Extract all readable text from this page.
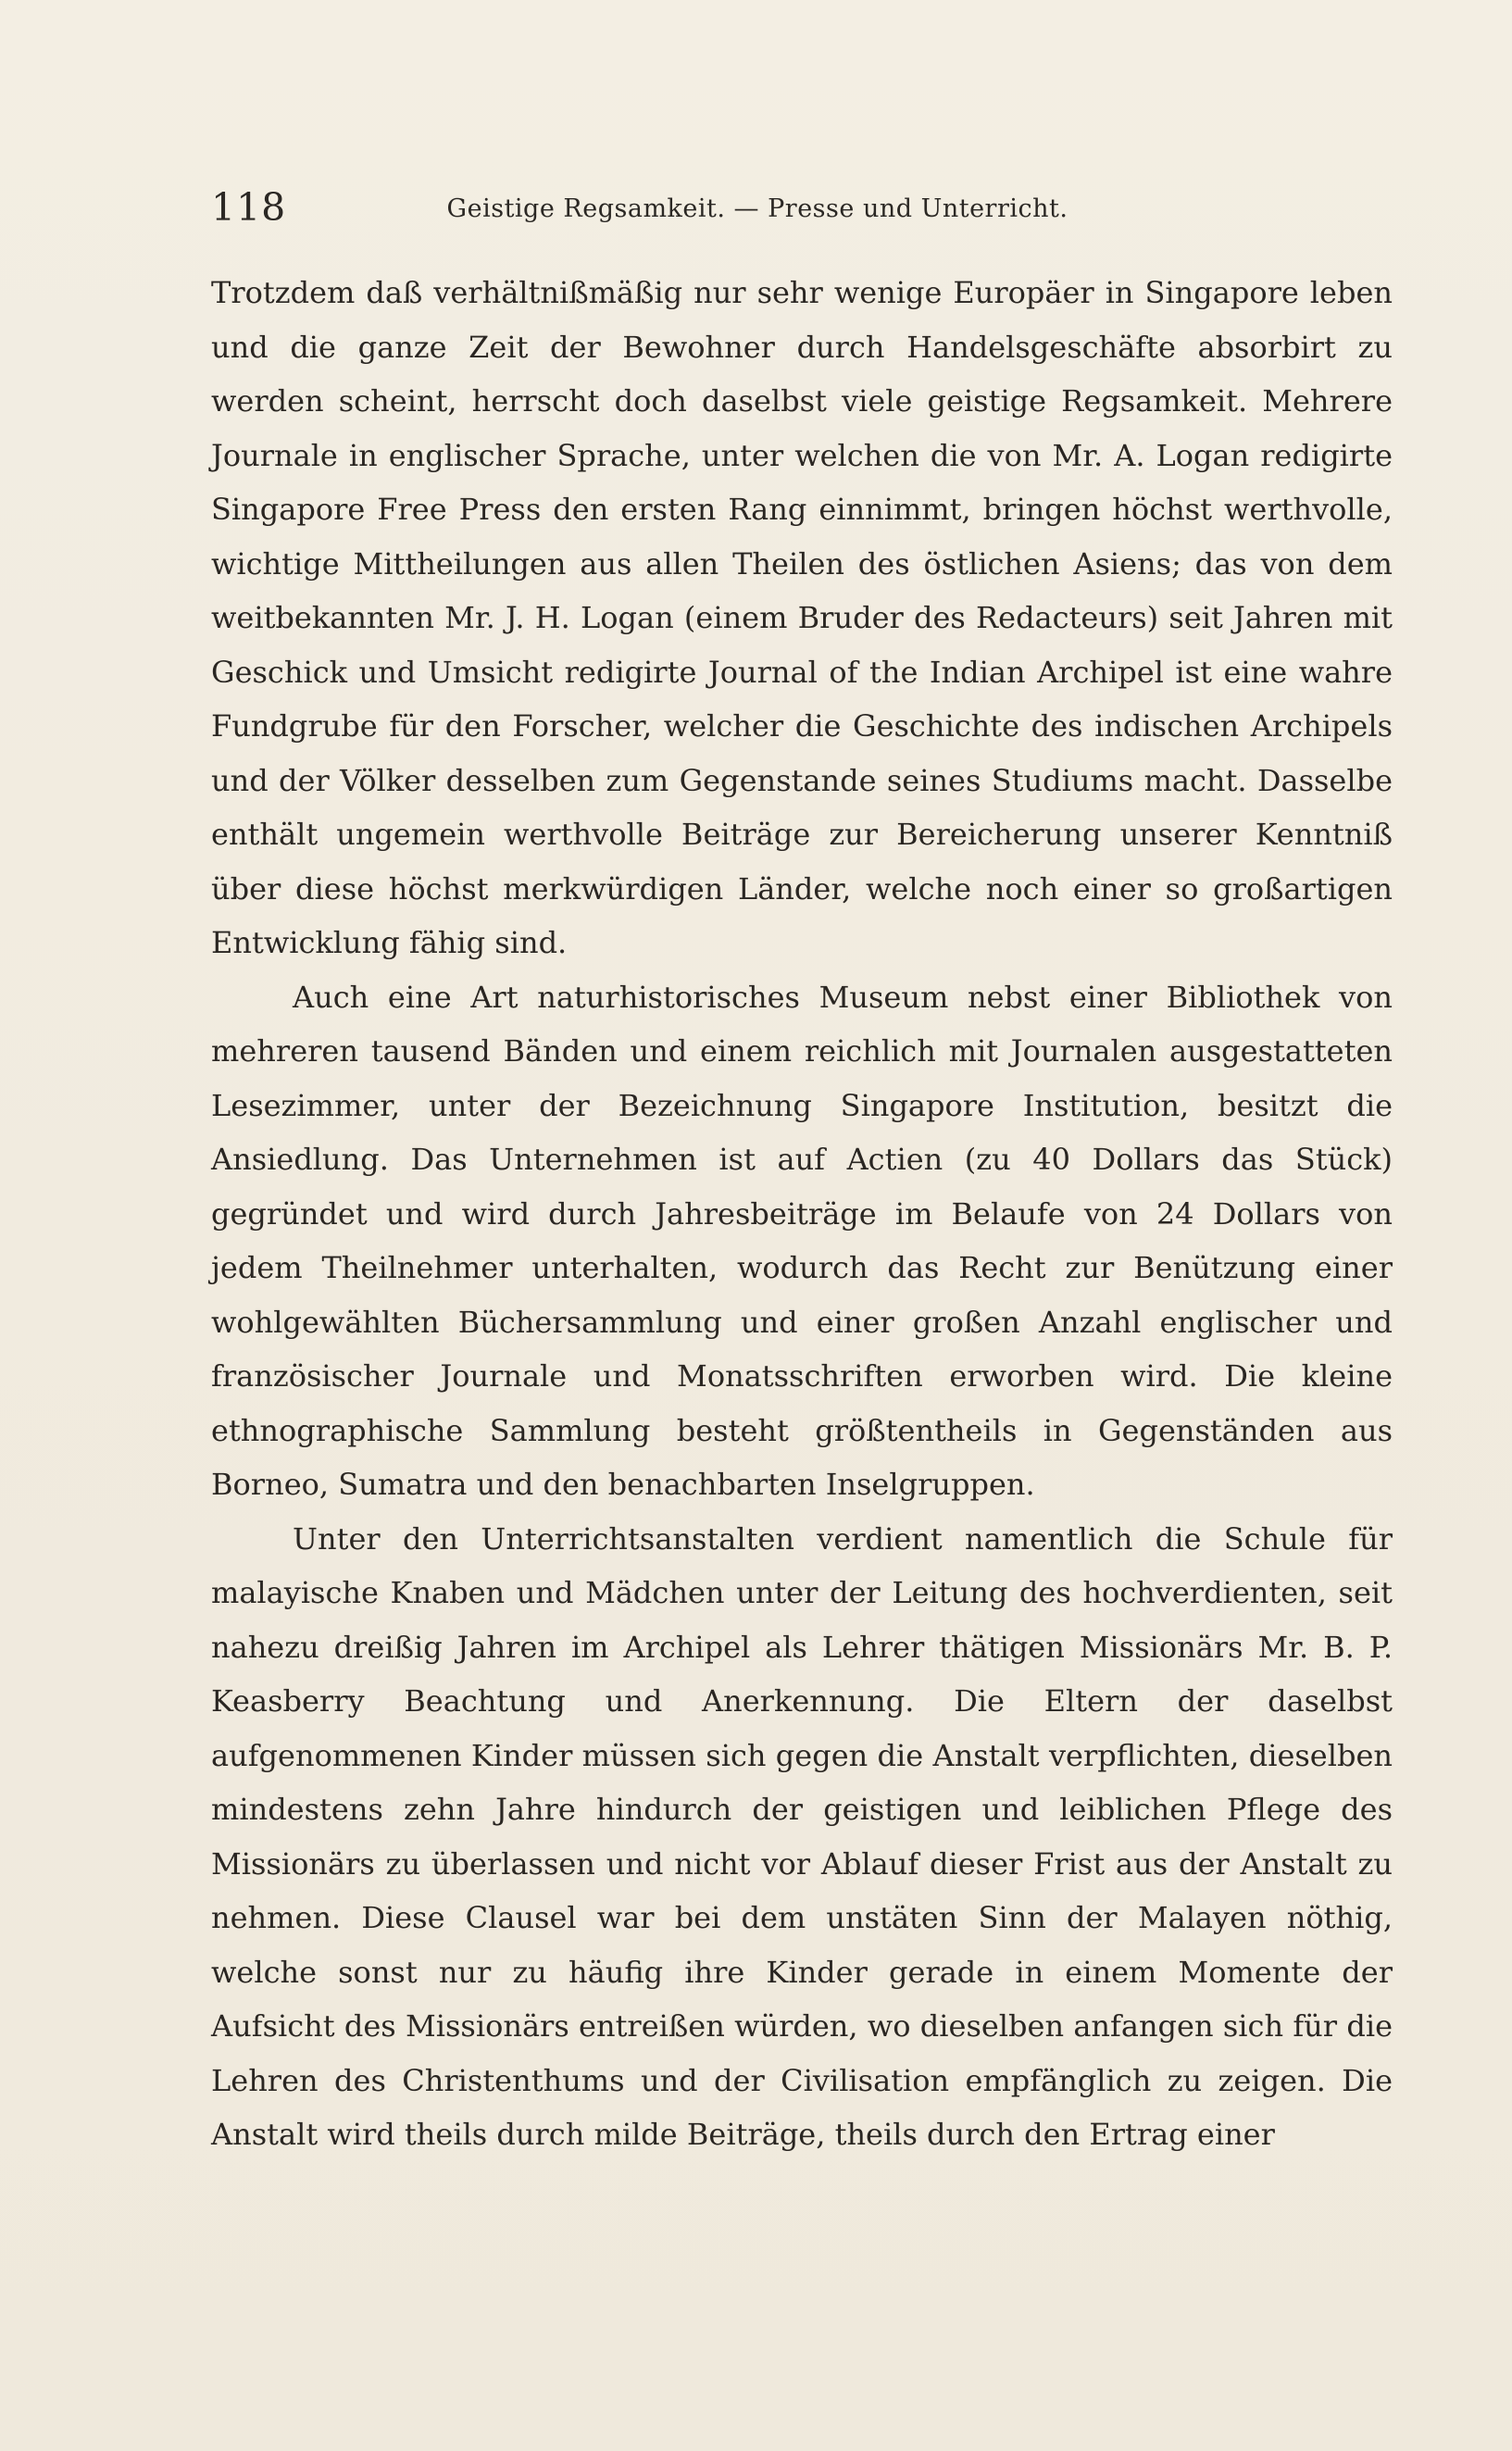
118	Geistige Regsamkeit. — Presse und Unterricht.

Trotzdem daß verhältnißmäßig nur sehr wenige Europäer in Singapore leben und die ganze Zeit der Bewohner durch Handelsgeschäfte absorbirt zu werden scheint, herrscht doch daselbst viele geistige Regsamkeit. Mehrere Journale in englischer Sprache, unter welchen die von Mr. A. Logan redigirte Singapore Free Press den ersten Rang einnimmt, bringen höchst werthvolle, wichtige Mittheilungen aus allen Theilen des östlichen Asiens; das von dem weitbekannten Mr. J. H. Logan (einem Bruder des Redacteurs) seit Jahren mit Geschick und Umsicht redigirte Journal of the Indian Archipel ist eine wahre Fundgrube für den Forscher, welcher die Geschichte des indischen Archipels und der Völker desselben zum Gegenstande seines Studiums macht. Dasselbe enthält ungemein werthvolle Beiträge zur Bereicherung unserer Kenntniß über diese höchst merkwürdigen Länder, welche noch einer so großartigen Entwicklung fähig sind.

Auch eine Art naturhistorisches Museum nebst einer Bibliothek von mehreren tausend Bänden und einem reichlich mit Journalen ausgestatteten Lesezimmer, unter der Bezeichnung Singapore Institution, besitzt die Ansiedlung. Das Unternehmen ist auf Actien (zu 40 Dollars das Stück) gegründet und wird durch Jahresbeiträge im Belaufe von 24 Dollars von jedem Theilnehmer unterhalten, wodurch das Recht zur Benützung einer wohlgewählten Büchersammlung und einer großen Anzahl englischer und französischer Journale und Monatsschriften erworben wird. Die kleine ethnographische Sammlung besteht größtentheils in Gegenständen aus Borneo, Sumatra und den benachbarten Inselgruppen.

Unter den Unterrichtsanstalten verdient namentlich die Schule für malayische Knaben und Mädchen unter der Leitung des hochverdienten, seit nahezu dreißig Jahren im Archipel als Lehrer thätigen Missionärs Mr. B. P. Keasberry Beachtung und Anerkennung. Die Eltern der daselbst aufgenommenen Kinder müssen sich gegen die Anstalt verpflichten, dieselben mindestens zehn Jahre hindurch der geistigen und leiblichen Pflege des Missionärs zu überlassen und nicht vor Ablauf dieser Frist aus der Anstalt zu nehmen. Diese Clausel war bei dem unstäten Sinn der Malayen nöthig, welche sonst nur zu häufig ihre Kinder gerade in einem Momente der Aufsicht des Missionärs entreißen würden, wo dieselben anfangen sich für die Lehren des Christenthums und der Civilisation empfänglich zu zeigen. Die Anstalt wird theils durch milde Beiträge, theils durch den Ertrag einer
